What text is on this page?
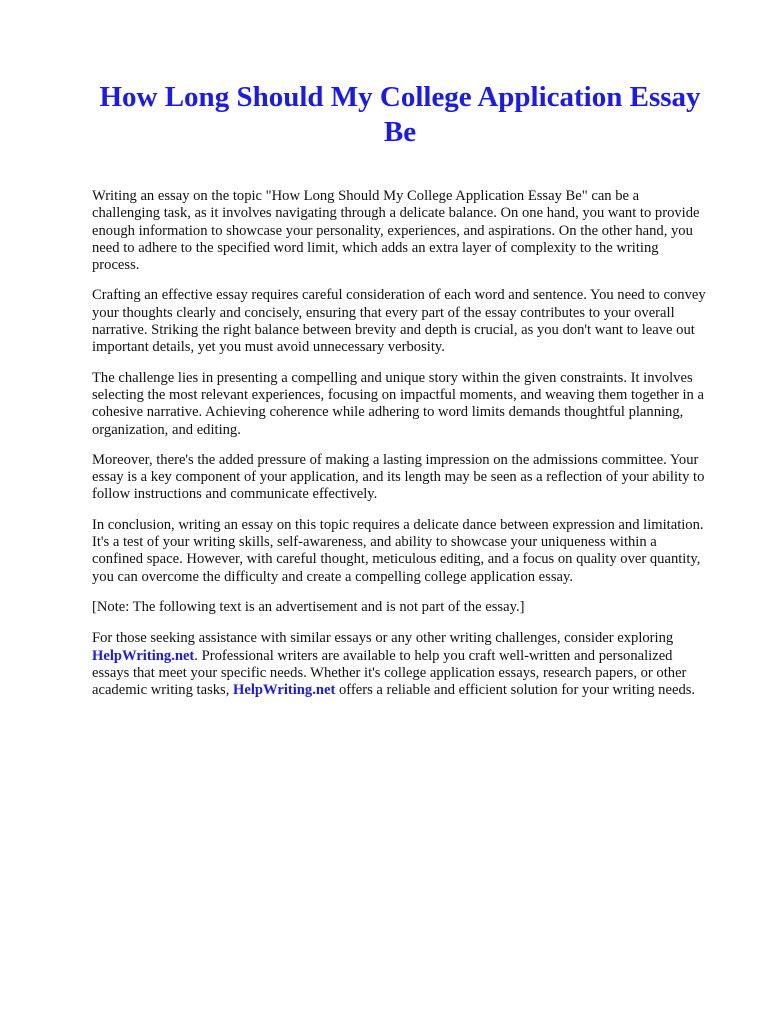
How Long Should My College Application Essay Be

Writing an essay on the topic "How Long Should My College Application Essay Be" can be a challenging task, as it involves navigating through a delicate balance. On one hand, you want to provide enough information to showcase your personality, experiences, and aspirations. On the other hand, you need to adhere to the specified word limit, which adds an extra layer of complexity to the writing process.

Crafting an effective essay requires careful consideration of each word and sentence. You need to convey your thoughts clearly and concisely, ensuring that every part of the essay contributes to your overall narrative. Striking the right balance between brevity and depth is crucial, as you don't want to leave out important details, yet you must avoid unnecessary verbosity.

The challenge lies in presenting a compelling and unique story within the given constraints. It involves selecting the most relevant experiences, focusing on impactful moments, and weaving them together in a cohesive narrative. Achieving coherence while adhering to word limits demands thoughtful planning, organization, and editing.

Moreover, there's the added pressure of making a lasting impression on the admissions committee. Your essay is a key component of your application, and its length may be seen as a reflection of your ability to follow instructions and communicate effectively.

In conclusion, writing an essay on this topic requires a delicate dance between expression and limitation. It's a test of your writing skills, self-awareness, and ability to showcase your uniqueness within a confined space. However, with careful thought, meticulous editing, and a focus on quality over quantity, you can overcome the difficulty and create a compelling college application essay.

[Note: The following text is an advertisement and is not part of the essay.]

For those seeking assistance with similar essays or any other writing challenges, consider exploring HelpWriting.net. Professional writers are available to help you craft well-written and personalized essays that meet your specific needs. Whether it's college application essays, research papers, or other academic writing tasks, HelpWriting.net offers a reliable and efficient solution for your writing needs.
